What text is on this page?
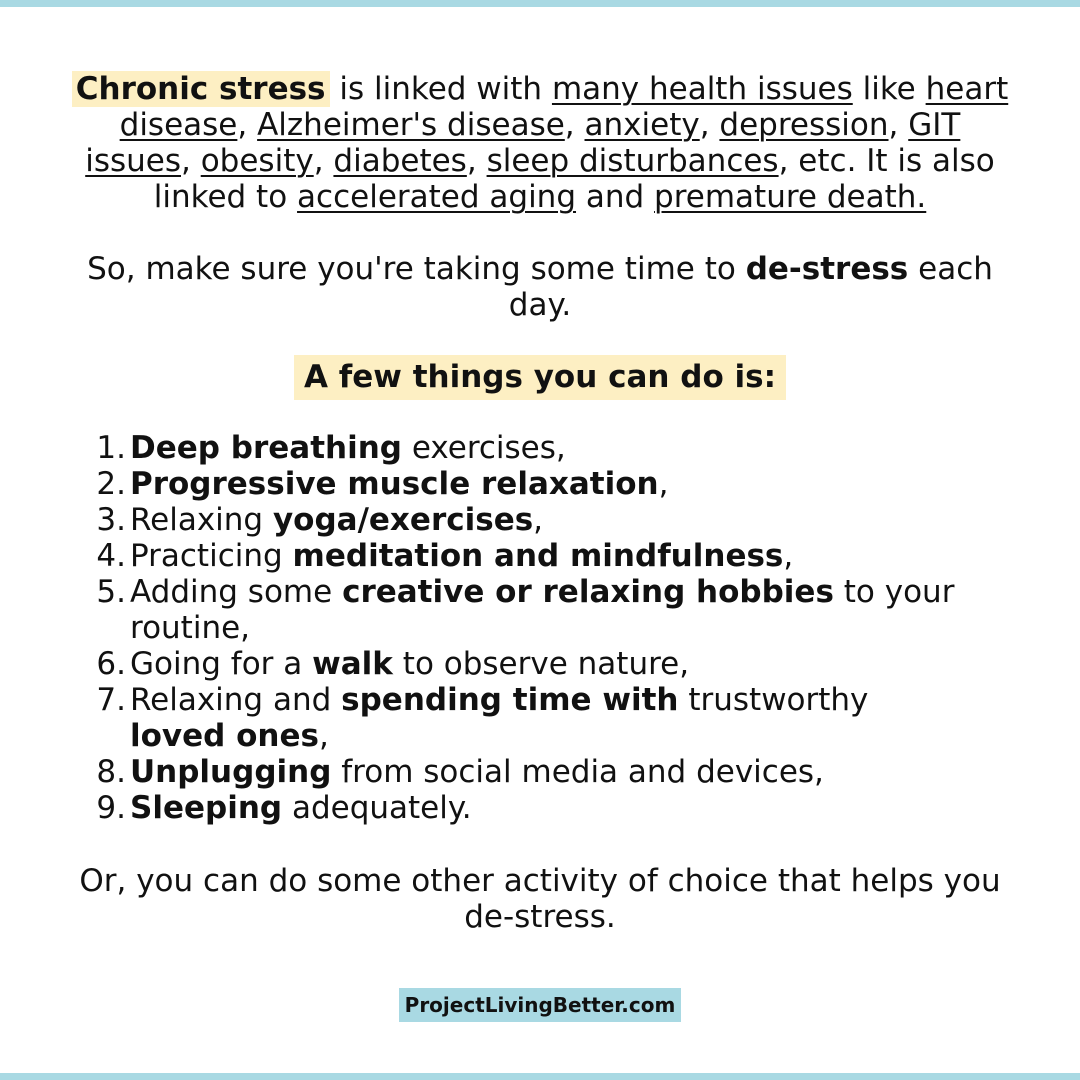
Chronic stress is linked with many health issues like heart disease, Alzheimer's disease, anxiety, depression, GIT issues, obesity, diabetes, sleep disturbances, etc. It is also linked to accelerated aging and premature death.
So, make sure you're taking some time to de-stress each day.
A few things you can do is:
1. Deep breathing exercises,
2. Progressive muscle relaxation,
3. Relaxing yoga/exercises,
4. Practicing meditation and mindfulness,
5. Adding some creative or relaxing hobbies to your routine,
6. Going for a walk to observe nature,
7. Relaxing and spending time with trustworthy loved ones,
8. Unplugging from social media and devices,
9. Sleeping adequately.
Or, you can do some other activity of choice that helps you de-stress.
ProjectLivingBetter.com
